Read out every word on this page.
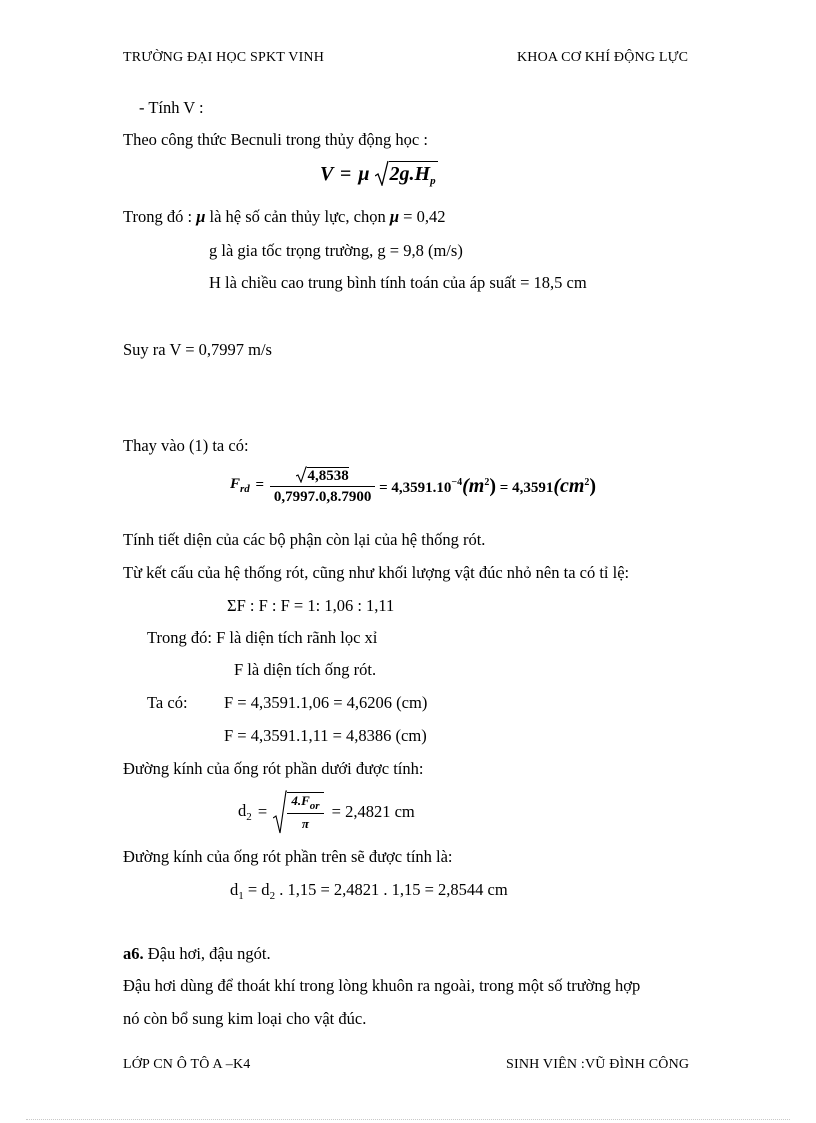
TRƯỜNG ĐẠI HỌC SPKT VINH	KHOA CƠ KHÍ ĐỘNG LỰC
- Tính V :
Theo công thức Becnuli trong thủy động học :
V = μ $2g.H_p$
Trong đó : μ là hệ số cản thủy lực, chọn μ = 0,42
g là gia tốc trọng trường, g = 9,8 (m/s)
H là chiều cao trung bình tính toán của áp suất = 18,5 cm
Suy ra V = 0,7997 m/s
Thay vào (1) ta có:
$F_{rd} = \frac{4,8538}{0,7997.0,8.7900} = 4,3591.10^{-4}(m^2) = 4,3591(cm^2)$
Tính tiết diện của các bộ phận còn lại của hệ thống rót.
Từ kết cấu của hệ thống rót, cũng như khối lượng vật đúc nhỏ nên ta có tỉ lệ:
ΣF : F : F = 1: 1,06 : 1,11
Trong đó: F là diện tích rãnh lọc xỉ
F là diện tích ống rót.
Ta có: F = 4,3591.1,06 = 4,6206 (cm)
F = 4,3591.1,11 = 4,8386 (cm)
Đường kính của ống rót phần dưới được tính:
$d_2 = \frac{4.F_{or}}{\pi} = 2,4821$ cm
Đường kính của ống rót phần trên sẽ được tính là:
$d_1 = d_2$ . 1,15 = 2,4821 . 1,15 = 2,8544 cm
a6. Đậu hơi, đậu ngót.
Đậu hơi dùng để thoát khí trong lòng khuôn ra ngoài, trong một số trường hợp
nó còn bổ sung kim loại cho vật đúc.
LỚP CN Ô TÔ A –K4	SINH VIÊN :VŨ ĐÌNH CÔNG
